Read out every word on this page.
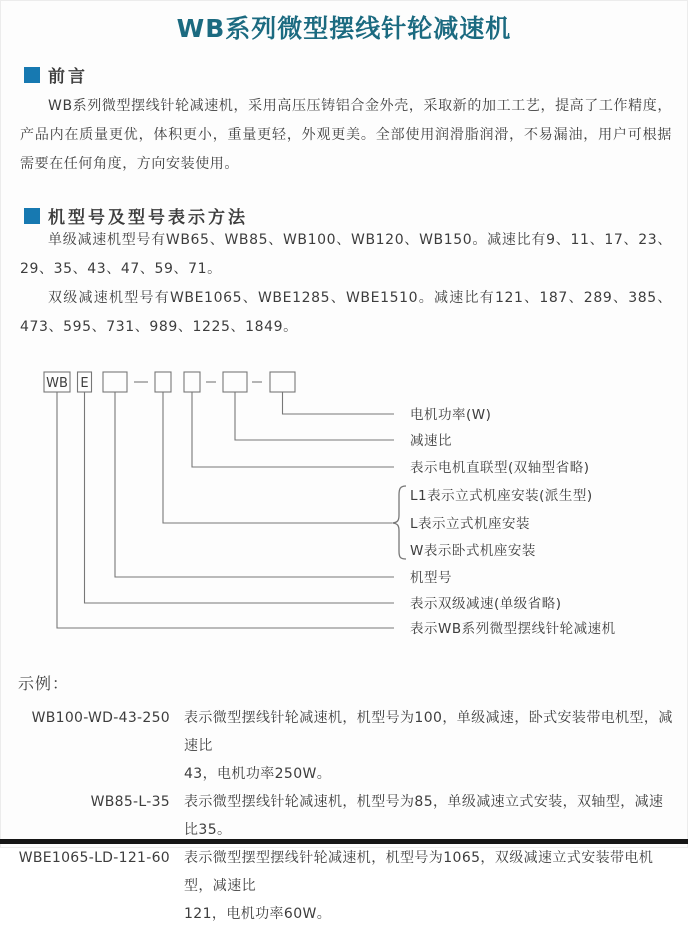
WB系列微型摆线针轮减速机
前言
WB系列微型摆线针轮减速机，采用高压压铸铝合金外壳，采取新的加工工艺，提高了工作精度，产品内在质量更优，体积更小，重量更轻，外观更美。全部使用润滑脂润滑，不易漏油，用户可根据需要在任何角度，方向安装使用。
机型号及型号表示方法
单级减速机型号有WB65、WB85、WB100、WB120、WB150。减速比有9、11、17、23、29、35、43、47、59、71。
双级减速机型号有WBE1065、WBE1285、WBE1510。减速比有121、187、289、385、473、595、731、989、1225、1849。
WB E
电机功率(W)
减速比
表示电机直联型(双轴型省略)
L1表示立式机座安装(派生型)
L表示立式机座安装
W表示卧式机座安装
机型号
表示双级减速(单级省略)
表示WB系列微型摆线针轮减速机
示例：
WB100-WD-43-250 表示微型摆线针轮减速机，机型号为100，单级减速，卧式安装带电机型，减速比
43，电机功率250W。
WB85-L-35 表示微型摆线针轮减速机，机型号为85，单级减速立式安装，双轴型，减速比35。
WBE1065-LD-121-60 表示微型摆型摆线针轮减速机，机型号为1065，双级减速立式安装带电机型，减速比
121，电机功率60W。
